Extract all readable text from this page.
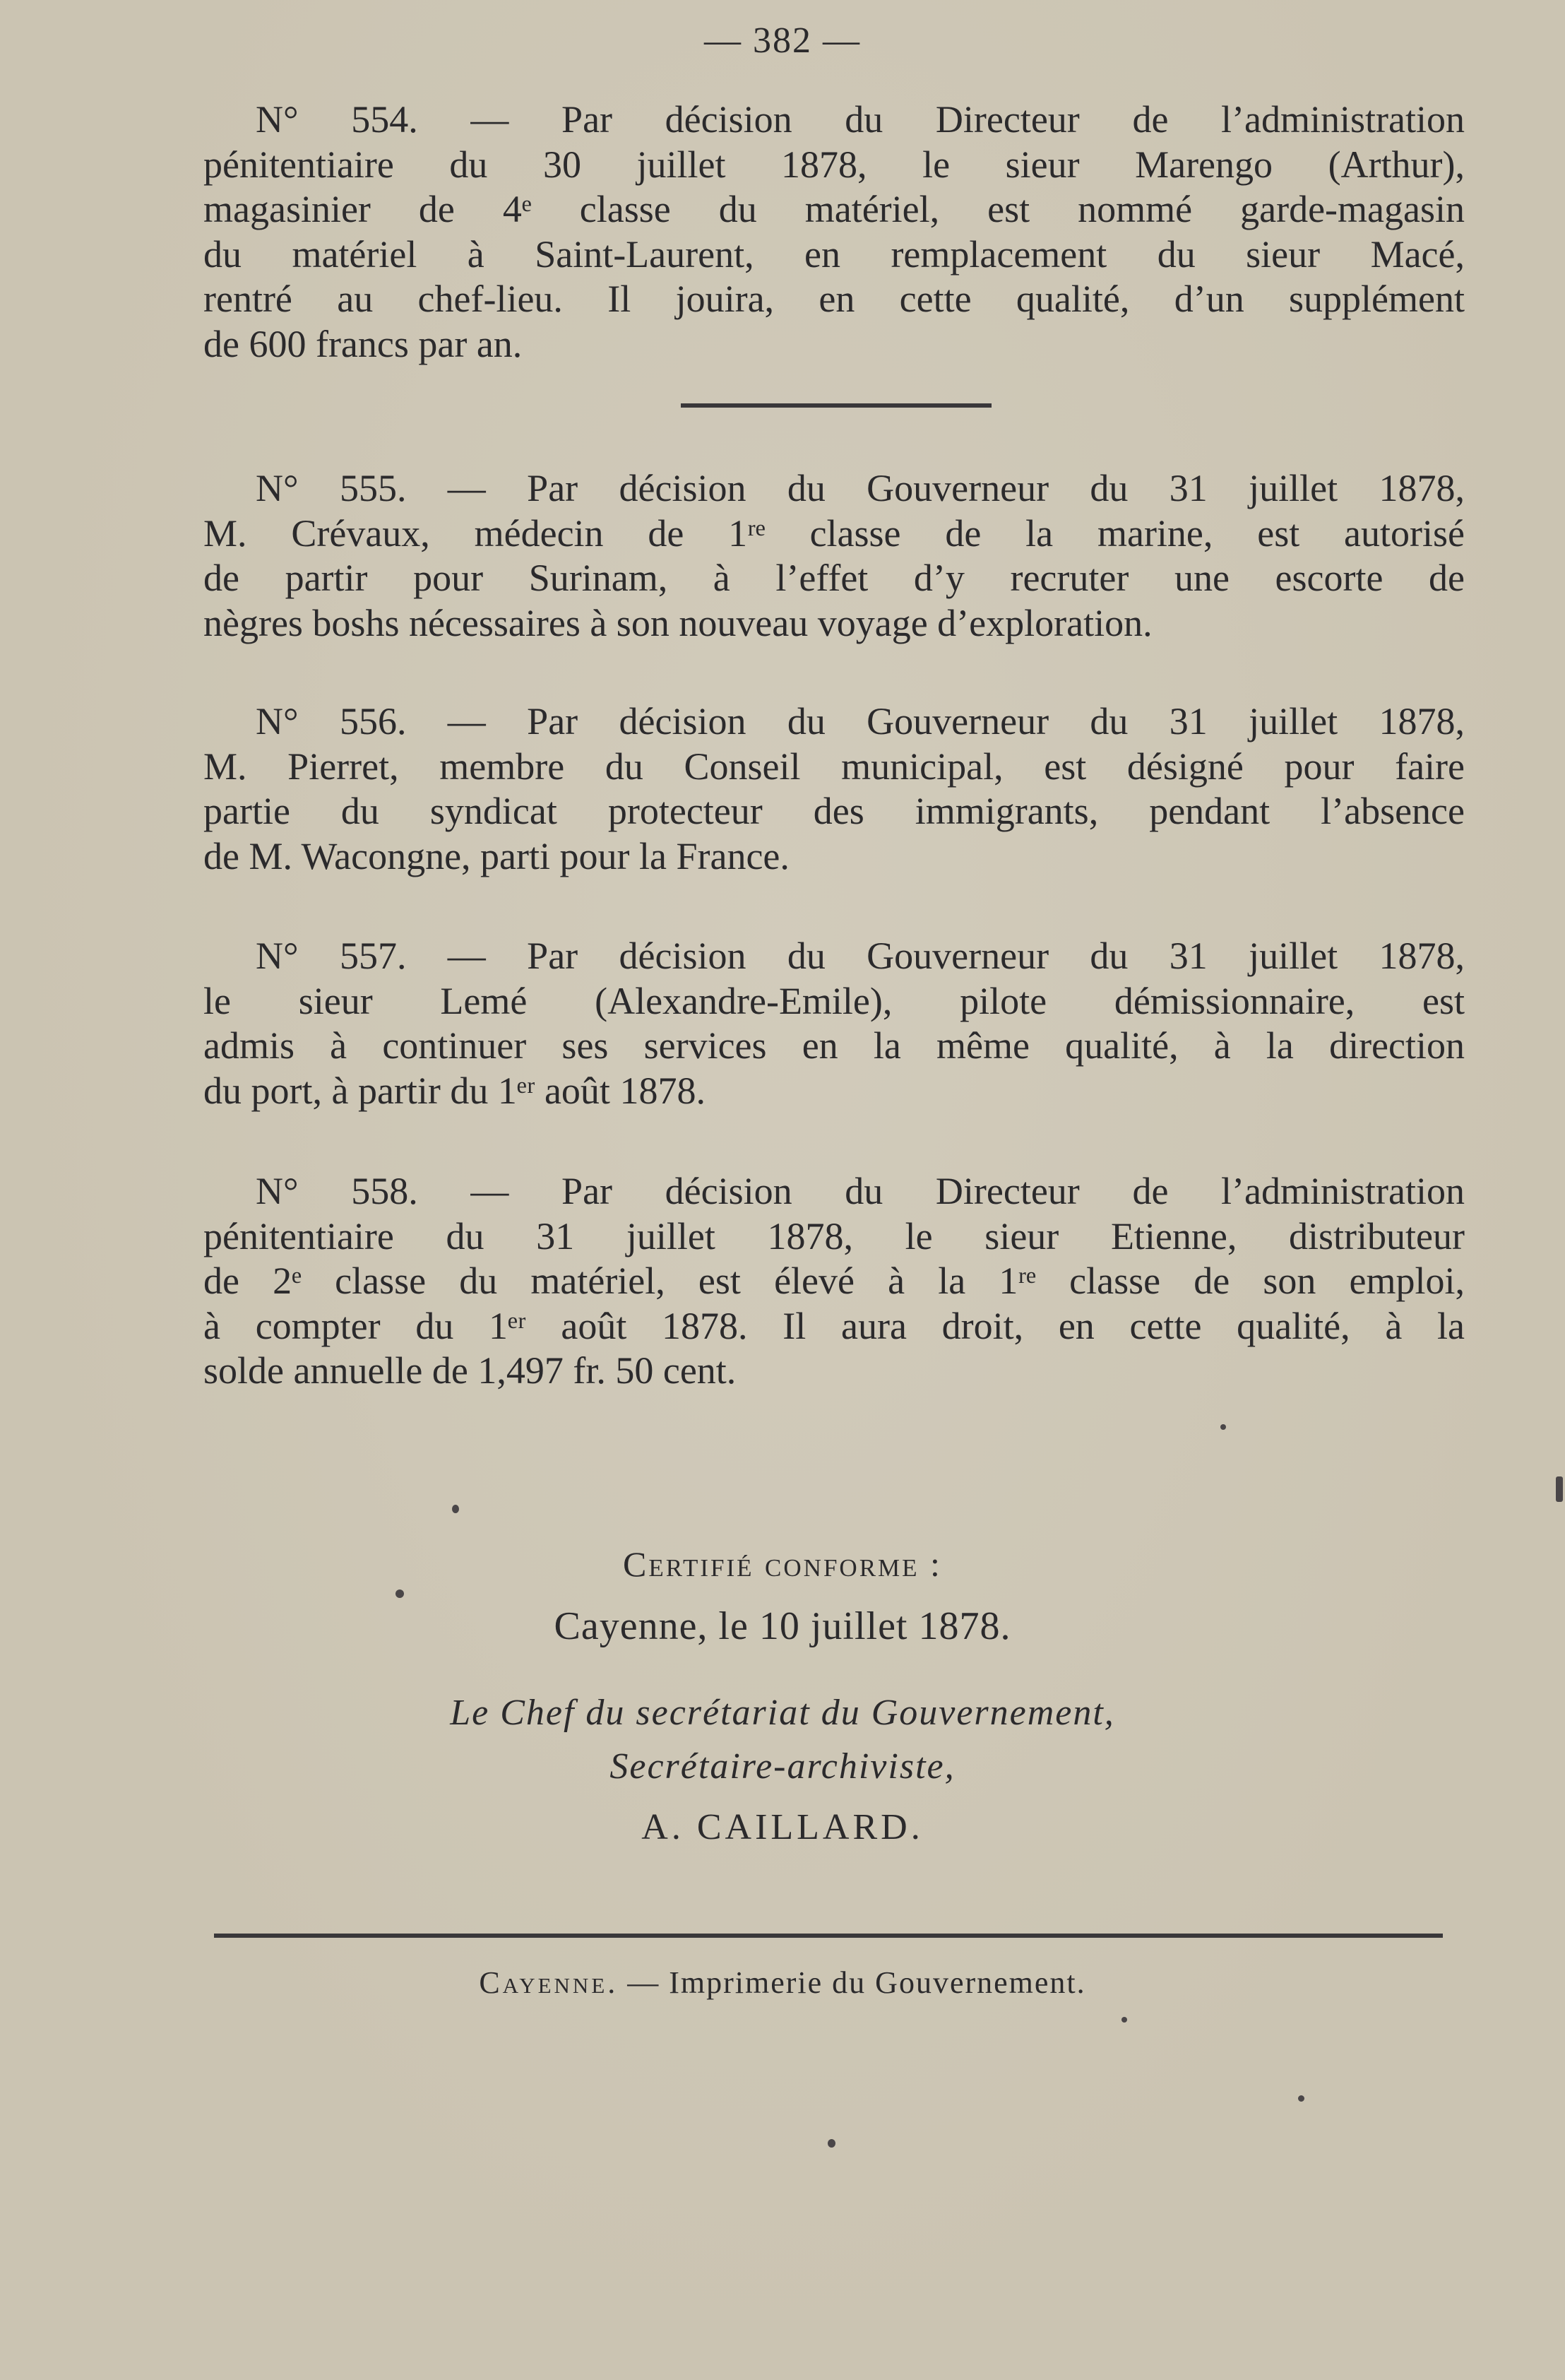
— 382 —

N° 554. — Par décision du Directeur de l’administration
pénitentiaire du 30 juillet 1878, le sieur Marengo (Arthur),
magasinier de 4ᵉ classe du matériel, est nommé garde-magasin
du matériel à Saint-Laurent, en remplacement du sieur Macé,
rentré au chef-lieu. Il jouira, en cette qualité, d’un supplément
de 600 francs par an.

N° 555. — Par décision du Gouverneur du 31 juillet 1878,
M. Crévaux, médecin de 1ʳᵉ classe de la marine, est autorisé
de partir pour Surinam, à l’effet d’y recruter une escorte de
nègres boshs nécessaires à son nouveau voyage d’exploration.

N° 556. — Par décision du Gouverneur du 31 juillet 1878,
M. Pierret, membre du Conseil municipal, est désigné pour faire
partie du syndicat protecteur des immigrants, pendant l’absence
de M. Wacongne, parti pour la France.

N° 557. — Par décision du Gouverneur du 31 juillet 1878,
le sieur Lemé (Alexandre-Emile), pilote démissionnaire, est
admis à continuer ses services en la même qualité, à la direction
du port, à partir du 1ᵉʳ août 1878.

N° 558. — Par décision du Directeur de l’administration
pénitentiaire du 31 juillet 1878, le sieur Etienne, distributeur
de 2ᵉ classe du matériel, est élevé à la 1ʳᵉ classe de son emploi,
à compter du 1ᵉʳ août 1878. Il aura droit, en cette qualité, à la
solde annuelle de 1,497 fr. 50 cent.

Certifié conforme :
Cayenne, le 10 juillet 1878.
Le Chef du secrétariat du Gouvernement,
Secrétaire-archiviste,
A. CAILLARD.
Cayenne. — Imprimerie du Gouvernement.
